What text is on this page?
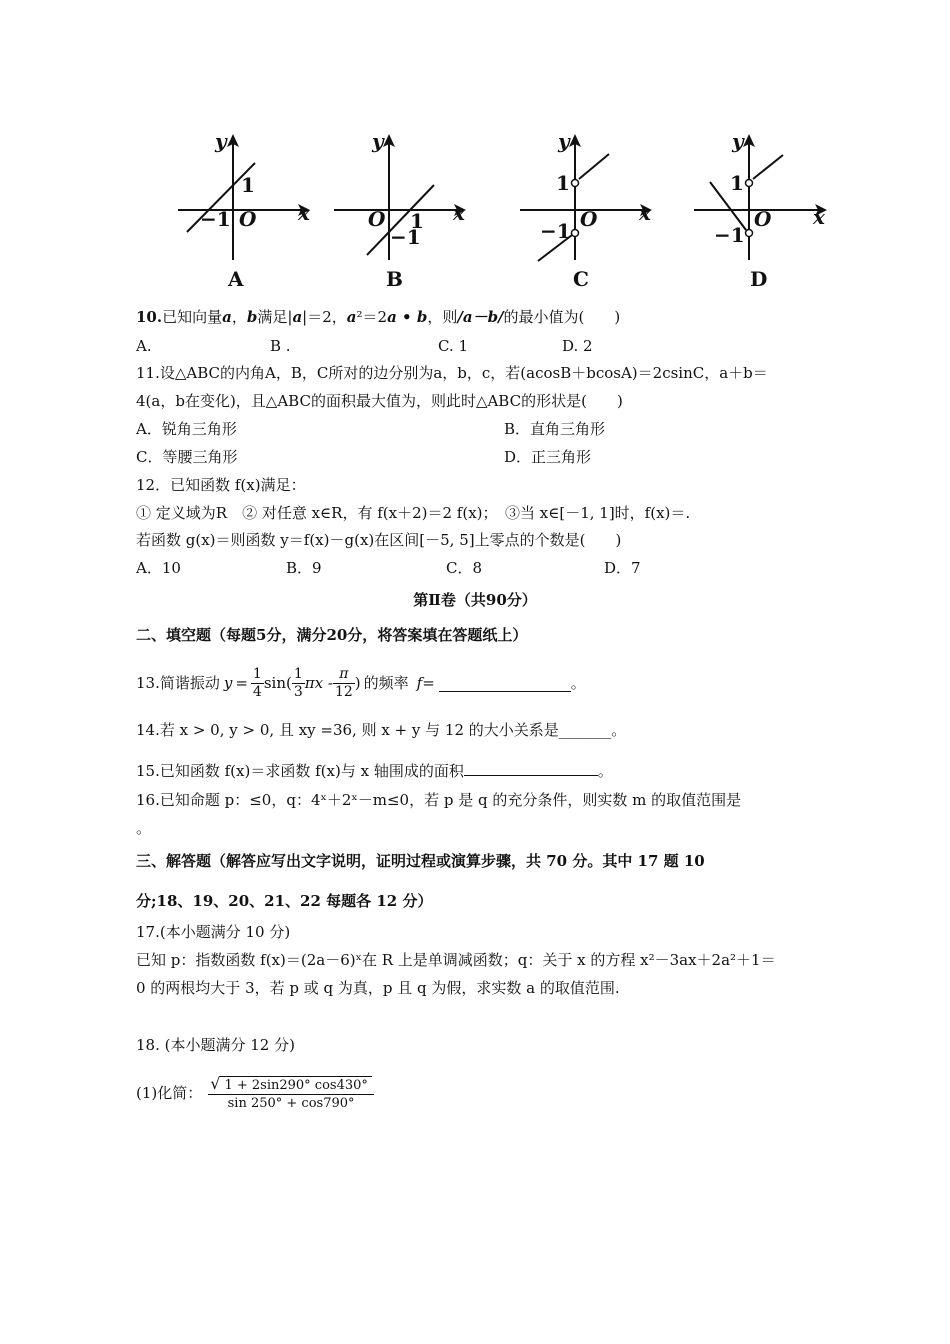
y
x
O
1
−1
A
y
x
O 1
−1
B
y
x
O
1
−1
C
y
x
O
1
−1
D
10.已知向量a，b满足|a|＝2，a²＝2a • b，则/a－b/的最小值为(　　)
A.	B .	C. 1	D. 2
11.设△ABC的内角A，B，C所对的边分别为a，b，c，若(acosB＋bcosA)＝2csinC，a＋b＝
4(a，b在变化)，且△ABC的面积最大值为，则此时△ABC的形状是(　　)
A．锐角三角形	B．直角三角形
C．等腰三角形	D．正三角形
12．已知函数 f(x)满足：
① 定义域为R　② 对任意 x∈R，有 f(x＋2)＝2 f(x)；　③当 x∈[－1, 1]时，f(x)＝.
若函数 g(x)＝则函数 y＝f(x)－g(x)在区间[－5, 5]上零点的个数是(　　)
A．10	B．9	C．8	D．7
第Ⅱ卷（共90分）
二、填空题（每题5分，满分20分，将答案填在答题纸上）
13.简谐振动 $y = \frac{1}{4} \sin( \frac{1}{3}$ πx - $\frac{\pi}{12}$ ) 的频率 f =	。
14.若 x > 0, y > 0, 且 xy =36, 则 x + y 与 12 的大小关系是_______。
15.已知函数 f(x)＝求函数 f(x)与 x 轴围成的面积	。
16.已知命题 p：≤0，q：4ˣ＋2ˣ－m≤0，若 p 是 q 的充分条件，则实数 m 的取值范围是
。
三、解答题（解答应写出文字说明，证明过程或演算步骤，共 70 分。其中 17 题 10
分;18、19、20、21、22 每题各 12 分）
17.(本小题满分 10 分)
已知 p：指数函数 f(x)＝(2a－6)ˣ在 R 上是单调减函数；q：关于 x 的方程 x²－3ax＋2a²＋1＝
0 的两根均大于 3，若 p 或 q 为真，p 且 q 为假，求实数 a 的取值范围.
18. (本小题满分 12 分)
(1)化简： $\frac{√ 1 + 2\sin 290^\circ \cos 430^\circ}{\sin 250^\circ + \cos 790^\circ}$
